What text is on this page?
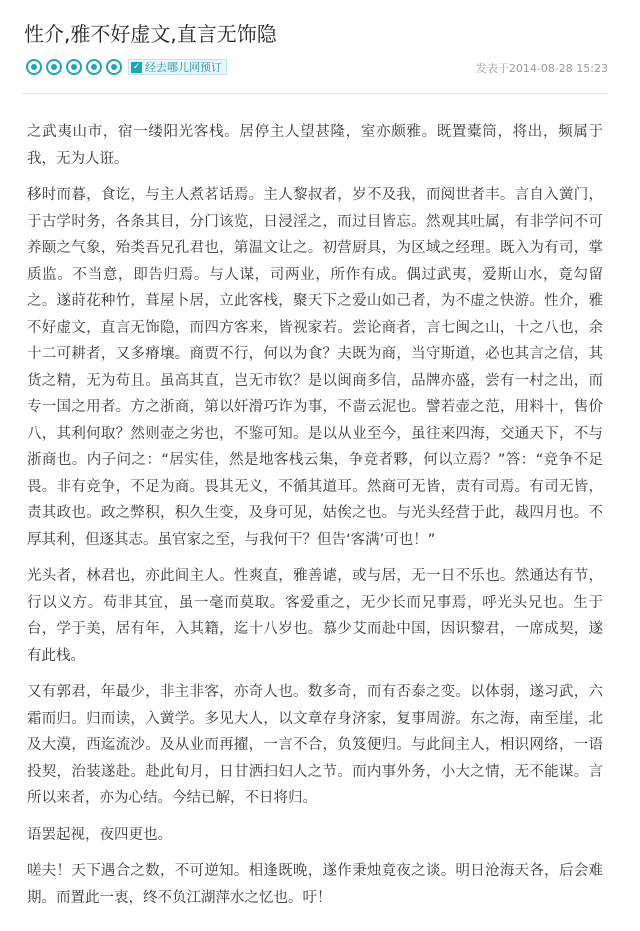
性介,雅不好虚文,直言无饰隐
✓ 经去哪儿网预订	发表于2014-08-28 15:23

之武夷山市，宿一缕阳光客栈。居停主人望甚隆，室亦颇雅。既置橐筒，将出，频属于我，无为人诳。

移时而暮，食讫，与主人煮茗话焉。主人黎叔者，岁不及我，而阅世者丰。言自入黉门，于古学时务，各条其目，分门该览，日浸淫之，而过目皆忘。然观其吐属，有非学问不可养颐之气象，殆类吾兄孔君也，第温文让之。初营厨具，为区域之经理。既入为有司，掌质监。不当意，即告归焉。与人谋，司两业，所作有成。偶过武夷，爱斯山水，竟勾留之。遂莳花种竹，葺屋卜居，立此客栈，聚天下之爱山如己者，为不虚之快游。性介，雅不好虚文，直言无饰隐，而四方客来，皆视家若。尝论商者，言七闽之山，十之八也，余十二可耕者，又多瘠壤。商贾不行，何以为食？夫既为商，当守斯道，必也其言之信，其货之精，无为苟且。虽高其直，岂无市钦？是以闽商多信，品牌亦盛，尝有一村之出，而专一国之用者。方之浙商，第以奸滑巧诈为事，不啬云泥也。譬若壶之范，用料十，售价八，其利何取？然则壶之劣也，不鉴可知。是以从业至今，虽往来四海，交通天下，不与浙商也。内子问之：“居实佳，然是地客栈云集，争竞者夥，何以立焉？”答：“竞争不足畏。非有竞争，不足为商。畏其无义，不循其道耳。然商可无皆，责有司焉。有司无皆，责其政也。政之弊积，积久生变，及身可见，姑俟之也。与光头经营于此，裁四月也。不厚其利，但逐其志。虽官家之至，与我何干？但告‘客满’可也！”

光头者，林君也，亦此间主人。性爽直，雅善谑，或与居，无一日不乐也。然通达有节，行以义方。苟非其宜，虽一毫而莫取。客爱重之，无少长而兄事焉，呼光头兄也。生于台，学于美，居有年，入其籍，迄十八岁也。慕少艾而赴中国，因识黎君，一席成契，遂有此栈。

又有郭君，年最少，非主非客，亦奇人也。数多奇，而有否泰之变。以体弱，遂习武，六霜而归。归而读，入黉学。多见大人，以文章存身济家，复事周游。东之海，南至崖，北及大漠，西迄流沙。及从业而再擢，一言不合，负笈便归。与此间主人，相识网络，一语投契，治装遂赴。赴此旬月，日甘洒扫妇人之节。而内事外务，小大之情，无不能谋。言所以来者，亦为心结。今结已解，不日将归。

语罢起视，夜四更也。

嗟夫！天下遇合之数，不可逆知。相逢既晚，遂作秉烛竟夜之谈。明日沧海天各，后会难期。而置此一衷，终不负江湖萍水之忆也。吁！
